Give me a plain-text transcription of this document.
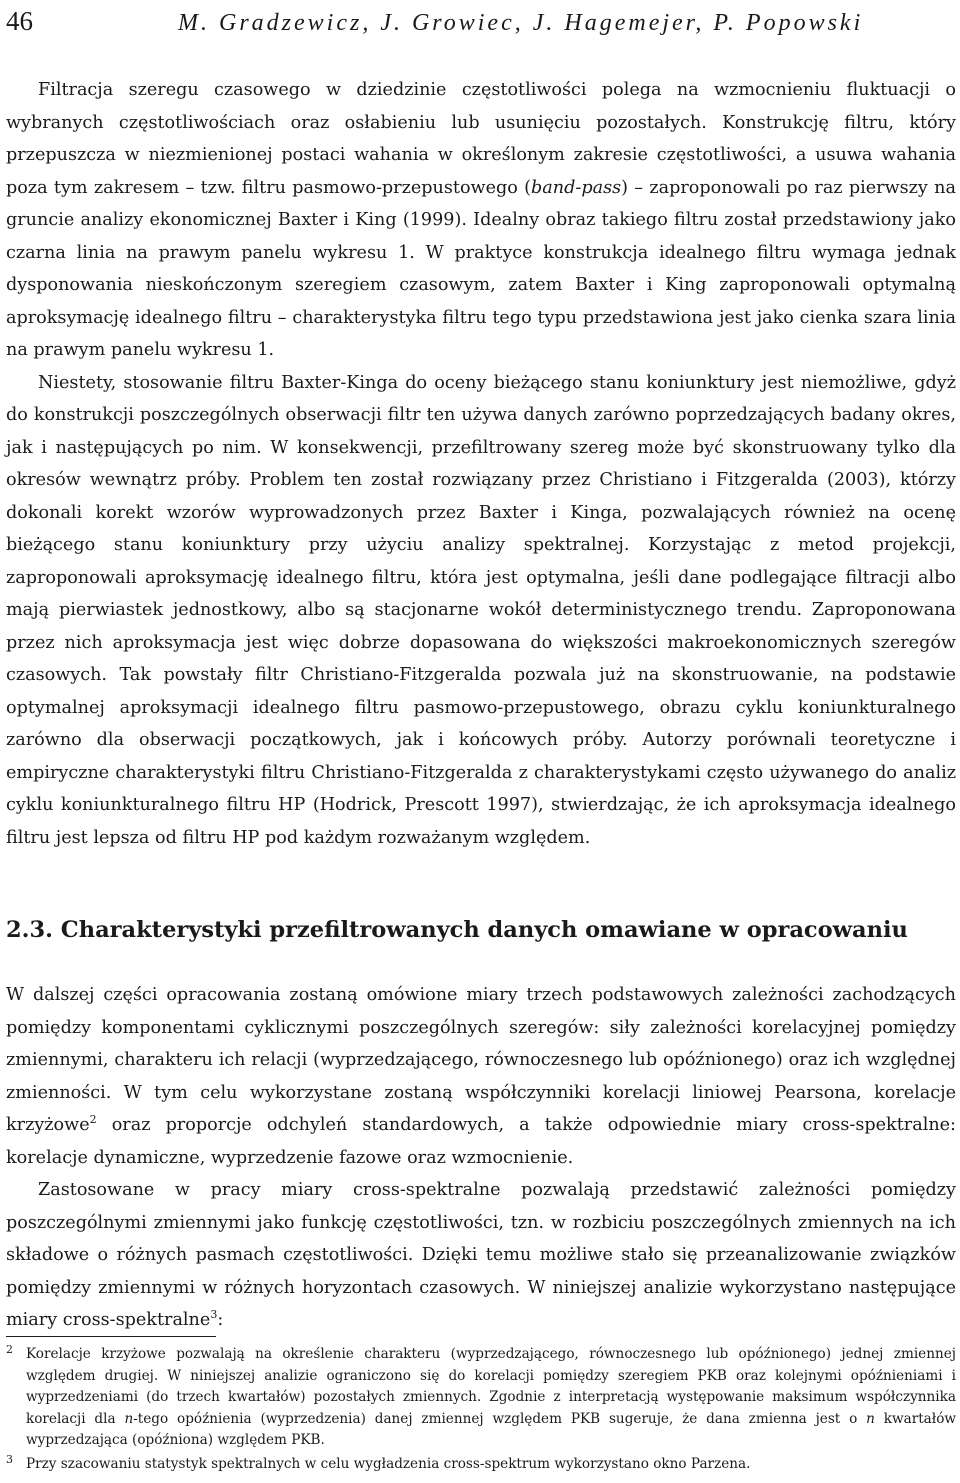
46	M. Gradzewicz, J. Growiec, J. Hagemejer, P. Popowski

Filtracja szeregu czasowego w dziedzinie częstotliwości polega na wzmocnieniu fluktuacji o wybranych częstotliwościach oraz osłabieniu lub usunięciu pozostałych. Konstrukcję filtru, który przepuszcza w niezmienionej postaci wahania w określonym zakresie częstotliwości, a usuwa wahania poza tym zakresem – tzw. filtru pasmowo-przepustowego (band-pass) – zaproponowali po raz pierwszy na gruncie analizy ekonomicznej Baxter i King (1999). Idealny obraz takiego filtru został przedstawiony jako czarna linia na prawym panelu wykresu 1. W praktyce konstrukcja idealnego filtru wymaga jednak dysponowania nieskończonym szeregiem czasowym, zatem Baxter i King zaproponowali optymalną aproksymację idealnego filtru – charakterystyka filtru tego typu przedstawiona jest jako cienka szara linia na prawym panelu wykresu 1.

Niestety, stosowanie filtru Baxter-Kinga do oceny bieżącego stanu koniunktury jest niemożliwe, gdyż do konstrukcji poszczególnych obserwacji filtr ten używa danych zarówno poprzedzających badany okres, jak i następujących po nim. W konsekwencji, przefiltrowany szereg może być skonstruowany tylko dla okresów wewnątrz próby. Problem ten został rozwiązany przez Christiano i Fitzgeralda (2003), którzy dokonali korekt wzorów wyprowadzonych przez Baxter i Kinga, pozwalających również na ocenę bieżącego stanu koniunktury przy użyciu analizy spektralnej. Korzystając z metod projekcji, zaproponowali aproksymację idealnego filtru, która jest optymalna, jeśli dane podlegające filtracji albo mają pierwiastek jednostkowy, albo są stacjonarne wokół deterministycznego trendu. Zaproponowana przez nich aproksymacja jest więc dobrze dopasowana do większości makroekonomicznych szeregów czasowych. Tak powstały filtr Christiano-Fitzgeralda pozwala już na skonstruowanie, na podstawie optymalnej aproksymacji idealnego filtru pasmowo-przepustowego, obrazu cyklu koniunkturalnego zarówno dla obserwacji początkowych, jak i końcowych próby. Autorzy porównali teoretyczne i empiryczne charakterystyki filtru Christiano-Fitzgeralda z charakterystykami często używanego do analiz cyklu koniunkturalnego filtru HP (Hodrick, Prescott 1997), stwierdzając, że ich aproksymacja idealnego filtru jest lepsza od filtru HP pod każdym rozważanym względem.

2.3. Charakterystyki przefiltrowanych danych omawiane w opracowaniu

W dalszej części opracowania zostaną omówione miary trzech podstawowych zależności zachodzących pomiędzy komponentami cyklicznymi poszczególnych szeregów: siły zależności korelacyjnej pomiędzy zmiennymi, charakteru ich relacji (wyprzedzającego, równoczesnego lub opóźnionego) oraz ich względnej zmienności. W tym celu wykorzystane zostaną współczynniki korelacji liniowej Pearsona, korelacje krzyżowe$^2$ oraz proporcje odchyleń standardowych, a także odpowiednie miary cross-spektralne: korelacje dynamiczne, wyprzedzenie fazowe oraz wzmocnienie.

Zastosowane w pracy miary cross-spektralne pozwalają przedstawić zależności pomiędzy poszczególnymi zmiennymi jako funkcję częstotliwości, tzn. w rozbiciu poszczególnych zmiennych na ich składowe o różnych pasmach częstotliwości. Dzięki temu możliwe stało się przeanalizowanie związków pomiędzy zmiennymi w różnych horyzontach czasowych. W niniejszej analizie wykorzystano następujące miary cross-spektralne$^3$:

2 Korelacje krzyżowe pozwalają na określenie charakteru (wyprzedzającego, równoczesnego lub opóźnionego) jednej zmiennej względem drugiej. W niniejszej analizie ograniczono się do korelacji pomiędzy szeregiem PKB oraz kolejnymi opóźnieniami i wyprzedzeniami (do trzech kwartałów) pozostałych zmiennych. Zgodnie z interpretacją występowanie maksimum współczynnika korelacji dla n-tego opóźnienia (wyprzedzenia) danej zmiennej względem PKB sugeruje, że dana zmienna jest o n kwartałów wyprzedzająca (opóźniona) względem PKB.
3 Przy szacowaniu statystyk spektralnych w celu wygładzenia cross-spektrum wykorzystano okno Parzena.
